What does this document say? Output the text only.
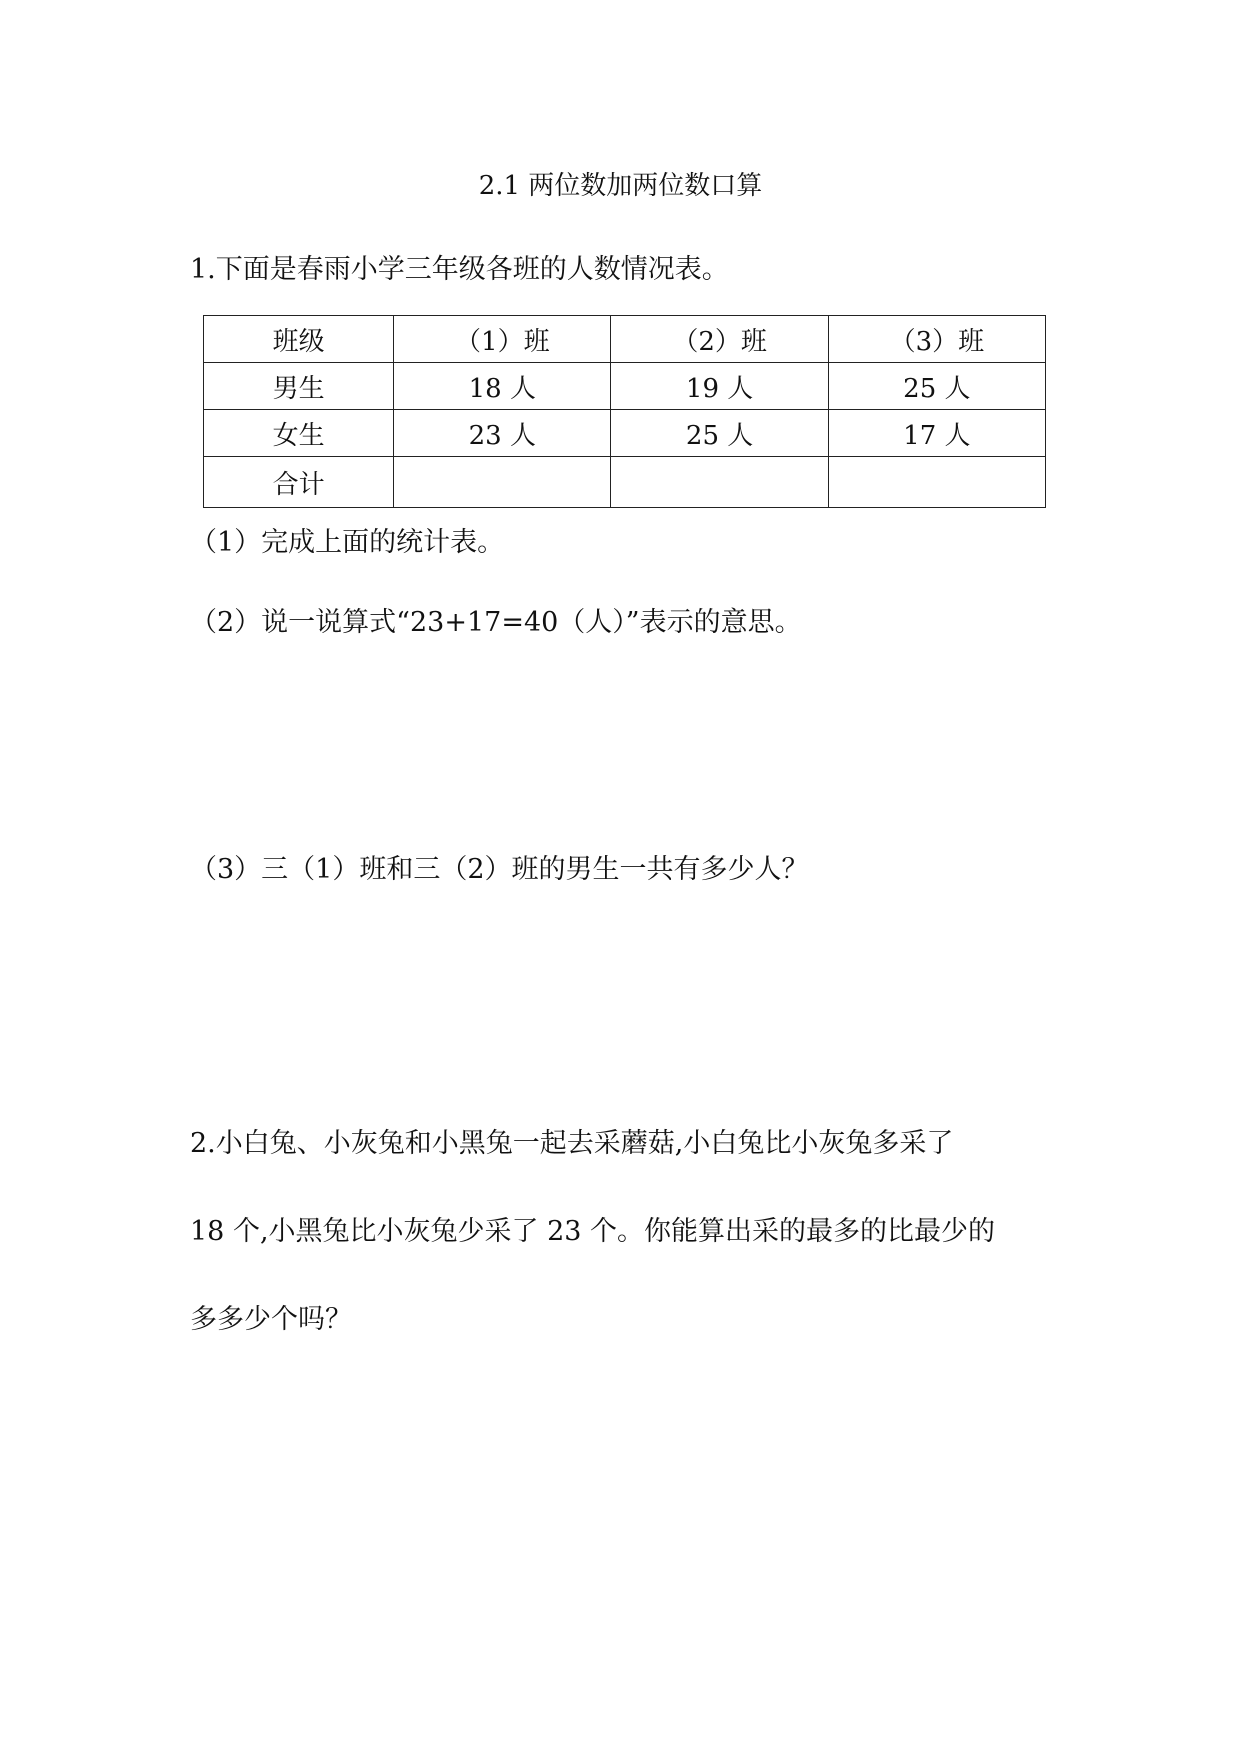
2.1 两位数加两位数口算

1.下面是春雨小学三年级各班的人数情况表。

班级	（1）班	（2）班	（3）班
男生	18 人	19 人	25 人
女生	23 人	25 人	17 人
合计			

（1）完成上面的统计表。

（2）说一说算式“23+17=40（人）”表示的意思。

（3）三（1）班和三（2）班的男生一共有多少人？

2.小白兔、小灰兔和小黑兔一起去采蘑菇,小白兔比小灰兔多采了
18 个,小黑兔比小灰兔少采了 23 个。你能算出采的最多的比最少的
多多少个吗？
